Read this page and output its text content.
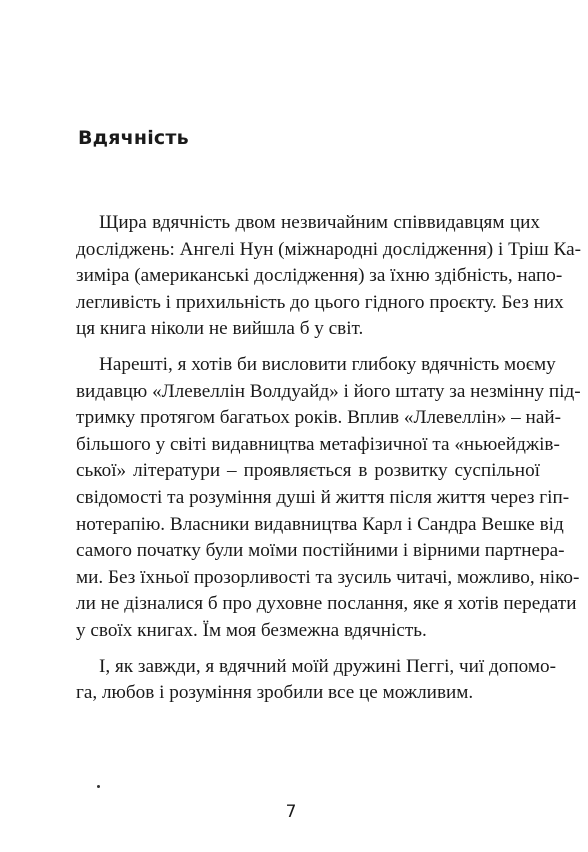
Вдячність

Щира вдячність двом незвичайним співвидавцям цих
досліджень: Ангелі Нун (міжнародні дослідження) і Тріш Ка-
зиміра (американські дослідження) за їхню здібність, напо-
легливість і прихильність до цього гідного проєкту. Без них
ця книга ніколи не вийшла б у світ.

Нарешті, я хотів би висловити глибоку вдячність моєму
видавцю «Ллевеллін Волдуайд» і його штату за незмінну під-
тримку протягом багатьох років. Вплив «Ллевеллін» – най-
більшого у світі видавництва метафізичної та «ньюейджів-
ської» літератури – проявляється в розвитку суспільної
свідомості та розуміння душі й життя після життя через гіп-
нотерапію. Власники видавництва Карл і Сандра Вешке від
самого початку були моїми постійними і вірними партнера-
ми. Без їхньої прозорливості та зусиль читачі, можливо, ніко-
ли не дізналися б про духовне послання, яке я хотів передати
у своїх книгах. Їм моя безмежна вдячність.

І, як завжди, я вдячний моїй дружині Пеггі, чиї допомо-
га, любов і розуміння зробили все це можливим.

7
